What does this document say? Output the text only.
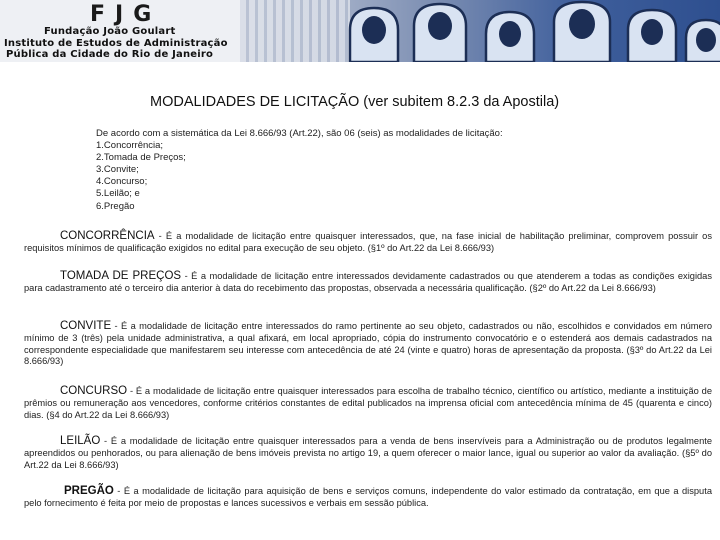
FJG
Fundação João Goulart
Instituto de Estudos de Administração
Pública da Cidade do Rio de Janeiro
MODALIDADES DE LICITAÇÃO (ver subitem 8.2.3 da Apostila)
De acordo com a sistemática da Lei 8.666/93 (Art.22), são 06 (seis) as modalidades de licitação:
1.Concorrência;
2.Tomada de Preços;
3.Convite;
4.Concurso;
5.Leilão; e
6.Pregão
CONCORRÊNCIA - É a modalidade de licitação entre quaisquer interessados, que, na fase inicial de habilitação preliminar, comprovem possuir os requisitos mínimos de qualificação exigidos no edital para execução de seu objeto. (§1º do Art.22 da Lei 8.666/93)
TOMADA DE PREÇOS - É a modalidade de licitação entre interessados devidamente cadastrados ou que atenderem a todas as condições exigidas para cadastramento até o terceiro dia anterior à data do recebimento das propostas, observada a necessária qualificação. (§2º do Art.22 da Lei 8.666/93)
CONVITE - É a modalidade de licitação entre interessados do ramo pertinente ao seu objeto, cadastrados ou não, escolhidos e convidados em número mínimo de 3 (três) pela unidade administrativa, a qual afixará, em local apropriado, cópia do instrumento convocatório e o estenderá aos demais cadastrados na correspondente especialidade que manifestarem seu interesse com antecedência de até 24 (vinte e quatro) horas de apresentação da proposta. (§3º do Art.22 da Lei 8.666/93)
CONCURSO - É a modalidade de licitação entre quaisquer interessados para escolha de trabalho técnico, científico ou artístico, mediante a instituição de prêmios ou remuneração aos vencedores, conforme critérios constantes de edital publicados na imprensa oficial com antecedência mínima de 45 (quarenta e cinco) dias. (§4 do Art.22 da Lei 8.666/93)
LEILÃO - É a modalidade de licitação entre quaisquer interessados para a venda de bens inservíveis para a Administração ou de produtos legalmente apreendidos ou penhorados, ou para alienação de bens imóveis prevista no artigo 19, a quem oferecer o maior lance, igual ou superior ao valor da avaliação. (§5º do Art.22 da Lei 8.666/93)
PREGÃO - É a modalidade de licitação para aquisição de bens e serviços comuns, independente do valor estimado da contratação, em que a disputa pelo fornecimento é feita por meio de propostas e lances sucessivos e verbais em sessão pública.
